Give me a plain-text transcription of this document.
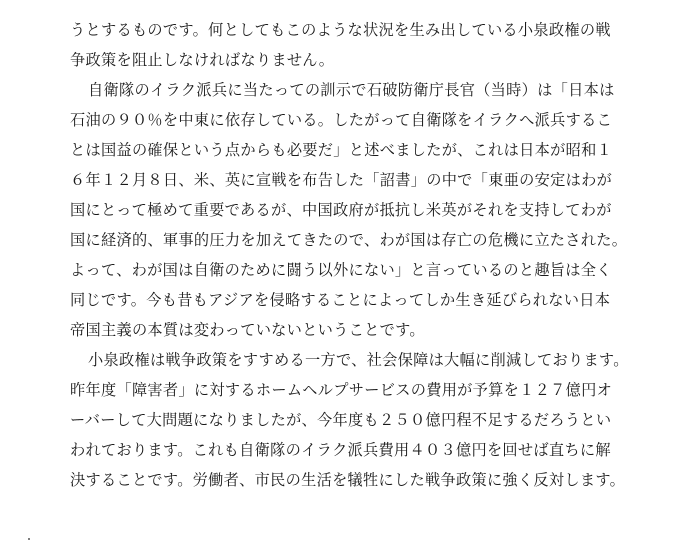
うとするものです。何としてもこのような状況を生み出している小泉政権の戦
争政策を阻止しなければなりません。
自衛隊のイラク派兵に当たっての訓示で石破防衛庁長官（当時）は「日本は
石油の９０％を中東に依存している。したがって自衛隊をイラクへ派兵するこ
とは国益の確保という点からも必要だ」と述べましたが、これは日本が昭和１
６年１２月８日、米、英に宣戦を布告した「詔書」の中で「東亜の安定はわが
国にとって極めて重要であるが、中国政府が抵抗し米英がそれを支持してわが
国に経済的、軍事的圧力を加えてきたので、わが国は存亡の危機に立たされた。
よって、わが国は自衛のために闘う以外にない」と言っているのと趣旨は全く
同じです。今も昔もアジアを侵略することによってしか生き延びられない日本
帝国主義の本質は変わっていないということです。
小泉政権は戦争政策をすすめる一方で、社会保障は大幅に削減しております。
昨年度「障害者」に対するホームヘルプサービスの費用が予算を１２７億円オ
ーバーして大問題になりましたが、今年度も２５０億円程不足するだろうとい
われております。これも自衛隊のイラク派兵費用４０３億円を回せば直ちに解
決することです。労働者、市民の生活を犠牲にした戦争政策に強く反対します。
